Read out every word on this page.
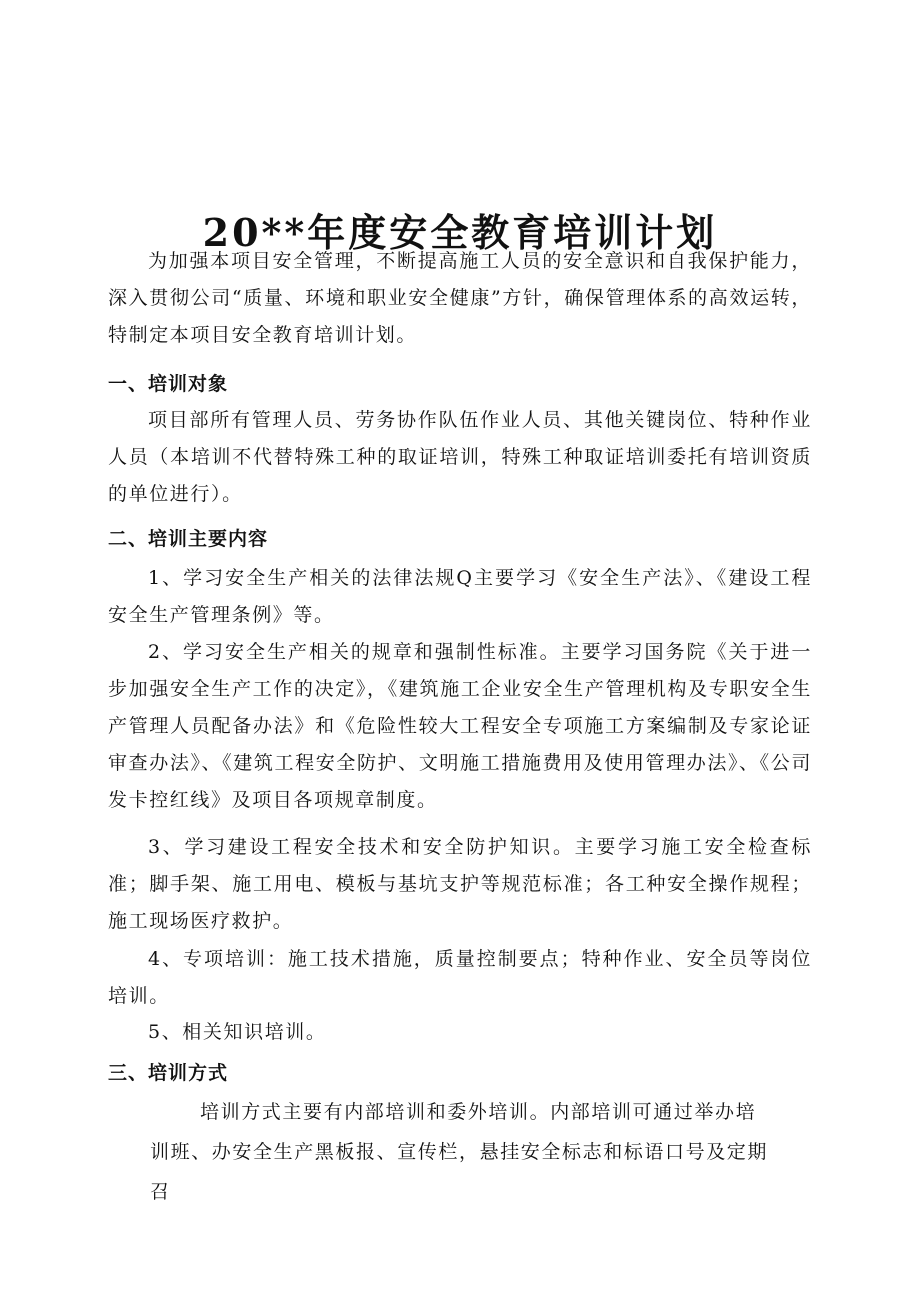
20**年度安全教育培训计划

为加强本项目安全管理，不断提高施工人员的安全意识和自我保护能力，深入贯彻公司“质量、环境和职业安全健康”方针，确保管理体系的高效运转，特制定本项目安全教育培训计划。

一、培训对象

项目部所有管理人员、劳务协作队伍作业人员、其他关键岗位、特种作业人员（本培训不代替特殊工种的取证培训，特殊工种取证培训委托有培训资质的单位进行）。

二、培训主要内容

1、学习安全生产相关的法律法规Q主要学习《安全生产法》、《建设工程安全生产管理条例》等。

2、学习安全生产相关的规章和强制性标准。主要学习国务院《关于进一步加强安全生产工作的决定》，《建筑施工企业安全生产管理机构及专职安全生产管理人员配备办法》和《危险性较大工程安全专项施工方案编制及专家论证审查办法》、《建筑工程安全防护、文明施工措施费用及使用管理办法》、《公司发卡控红线》及项目各项规章制度。

3、学习建设工程安全技术和安全防护知识。主要学习施工安全检查标准；脚手架、施工用电、模板与基坑支护等规范标准；各工种安全操作规程；施工现场医疗救护。

4、专项培训：施工技术措施，质量控制要点；特种作业、安全员等岗位培训。

5、相关知识培训。

三、培训方式

培训方式主要有内部培训和委外培训。内部培训可通过举办培训班、办安全生产黑板报、宣传栏，悬挂安全标志和标语口号及定期召
